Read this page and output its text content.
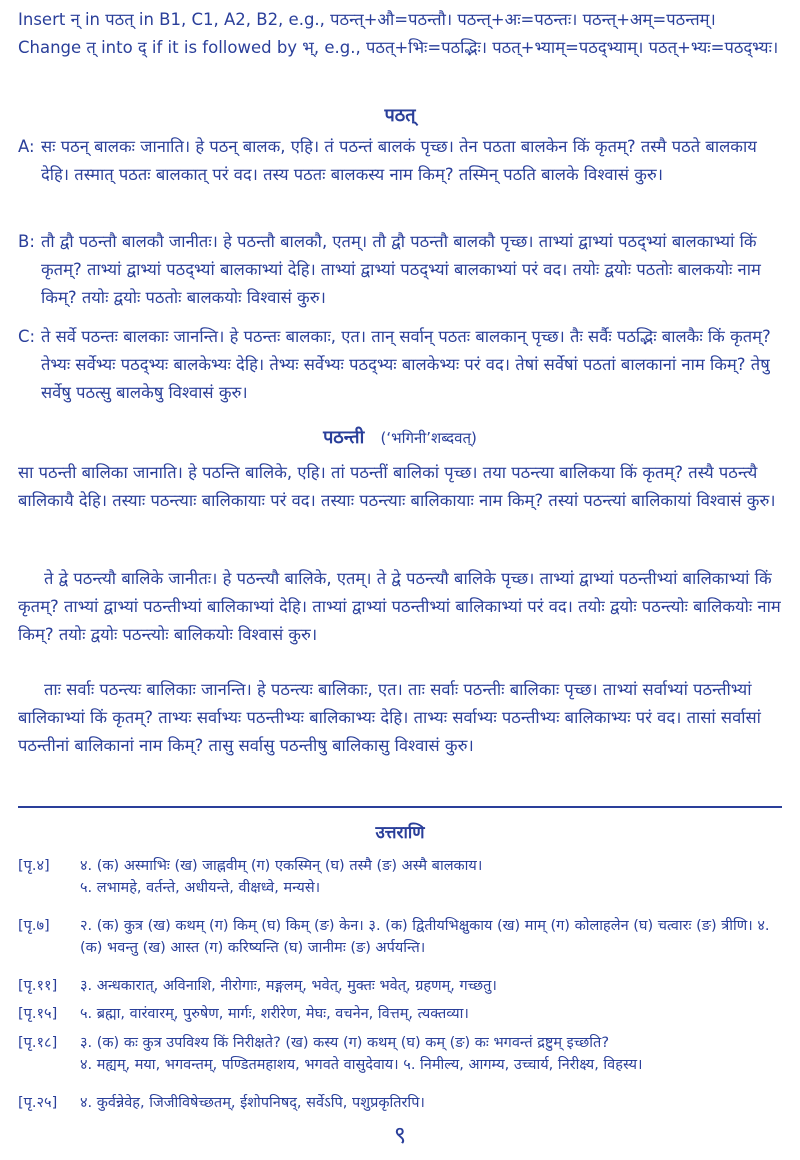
Insert न् in पठत् in B1, C1, A2, B2, e.g., पठन्त्+औ=पठन्तौ। पठन्त्+अः=पठन्तः। पठन्त्+अम्=पठन्तम्। Change त् into द् if it is followed by भ्, e.g., पठत्+भिः=पठद्भिः। पठत्+भ्याम्=पठद्भ्याम्। पठत्+भ्यः=पठद्भ्यः।

पठत्
A: सः पठन् बालकः जानाति। हे पठन् बालक, एहि। तं पठन्तं बालकं पृच्छ। तेन पठता बालकेन किं कृतम्? तस्मै पठते बालकाय देहि। तस्मात् पठतः बालकात् परं वद। तस्य पठतः बालकस्य नाम किम्? तस्मिन् पठति बालके विश्वासं कुरु।
B: तौ द्वौ पठन्तौ बालकौ जानीतः। हे पठन्तौ बालकौ, एतम्। तौ द्वौ पठन्तौ बालकौ पृच्छ। ताभ्यां द्वाभ्यां पठद्भ्यां बालकाभ्यां किं कृतम्? ताभ्यां द्वाभ्यां पठद्भ्यां बालकाभ्यां देहि। ताभ्यां द्वाभ्यां पठद्भ्यां बालकाभ्यां परं वद। तयोः द्वयोः पठतोः बालकयोः नाम किम्? तयोः द्वयोः पठतोः बालकयोः विश्वासं कुरु।
C: ते सर्वे पठन्तः बालकाः जानन्ति। हे पठन्तः बालकाः, एत। तान् सर्वान् पठतः बालकान् पृच्छ। तैः सर्वैः पठद्भिः बालकैः किं कृतम्? तेभ्यः सर्वेभ्यः पठद्भ्यः बालकेभ्यः देहि। तेभ्यः सर्वेभ्यः पठद्भ्यः बालकेभ्यः परं वद। तेषां सर्वेषां पठतां बालकानां नाम किम्? तेषु सर्वेषु पठत्सु बालकेषु विश्वासं कुरु।
पठन्ती (‘भगिनी’शब्दवत्)

सा पठन्ती बालिका जानाति। हे पठन्ति बालिके, एहि। तां पठन्तीं बालिकां पृच्छ। तया पठन्त्या बालिकया किं कृतम्? तस्यै पठन्त्यै बालिकायै देहि। तस्याः पठन्त्याः बालिकायाः परं वद। तस्याः पठन्त्याः बालिकायाः नाम किम्? तस्यां पठन्त्यां बालिकायां विश्वासं कुरु।

ते द्वे पठन्त्यौ बालिके जानीतः। हे पठन्त्यौ बालिके, एतम्। ते द्वे पठन्त्यौ बालिके पृच्छ। ताभ्यां द्वाभ्यां पठन्तीभ्यां बालिकाभ्यां किं कृतम्? ताभ्यां द्वाभ्यां पठन्तीभ्यां बालिकाभ्यां देहि। ताभ्यां द्वाभ्यां पठन्तीभ्यां बालिकाभ्यां परं वद। तयोः द्वयोः पठन्त्योः बालिकयोः नाम किम्? तयोः द्वयोः पठन्त्योः बालिकयोः विश्वासं कुरु।

ताः सर्वाः पठन्त्यः बालिकाः जानन्ति। हे पठन्त्यः बालिकाः, एत। ताः सर्वाः पठन्तीः बालिकाः पृच्छ। ताभ्यां सर्वाभ्यां पठन्तीभ्यां बालिकाभ्यां किं कृतम्? ताभ्यः सर्वाभ्यः पठन्तीभ्यः बालिकाभ्यः देहि। ताभ्यः सर्वाभ्यः पठन्तीभ्यः बालिकाभ्यः परं वद। तासां सर्वासां पठन्तीनां बालिकानां नाम किम्? तासु सर्वासु पठन्तीषु बालिकासु विश्वासं कुरु।

उत्तराणि
[पृ.४]	४. (क) अस्माभिः (ख) जाह्नवीम् (ग) एकस्मिन् (घ) तस्मै (ङ) अस्मै बालकाय।
५. लभामहे, वर्तन्ते, अधीयन्ते, वीक्षध्वे, मन्यसे।
[पृ.७]	२. (क) कुत्र (ख) कथम् (ग) किम् (घ) किम् (ङ) केन। ३. (क) द्वितीयभिक्षुकाय (ख) माम् (ग) कोलाहलेन (घ) चत्वारः (ङ) त्रीणि। ४. (क) भवन्तु (ख) आस्त (ग) करिष्यन्ति (घ) जानीमः (ङ) अर्पयन्ति।
[पृ.११]	३. अन्धकारात्, अविनाशि, नीरोगाः, मङ्गलम्, भवेत्, मुक्तः भवेत्, ग्रहणम्, गच्छतु।
[पृ.१५]	५. ब्रह्मा, वारंवारम्, पुरुषेण, मार्गः, शरीरेण, मेघः, वचनेन, वित्तम्, त्यक्तव्या।
[पृ.१८]	३. (क) कः कुत्र उपविश्य किं निरीक्षते? (ख) कस्य (ग) कथम् (घ) कम् (ङ) कः भगवन्तं द्रष्टुम् इच्छति?
४. मह्यम्, मया, भगवन्तम्, पण्डितमहाशय, भगवते वासुदेवाय। ५. निमील्य, आगम्य, उच्चार्य, निरीक्ष्य, विहस्य।
[पृ.२५]	४. कुर्वन्नेवेह, जिजीविषेच्छतम्, ईशोपनिषद्, सर्वेऽपि, पशुप्रकृतिरपि।
९
